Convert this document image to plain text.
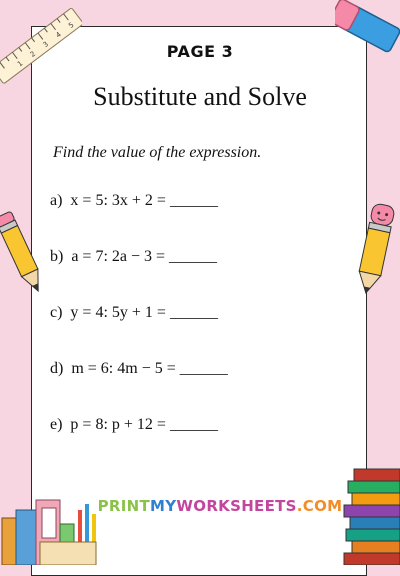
1
2
3
4
5
PAGE 3
Substitute and Solve
Find the value of the expression.
a)  x = 5: 3x + 2 = ______
b)  a = 7: 2a − 3 = ______
c)  y = 4: 5y + 1 = ______
d)  m = 6: 4m − 5 = ______
e)  p = 8: p + 12 = ______
PRINTMYWORKSHEETS.COM
